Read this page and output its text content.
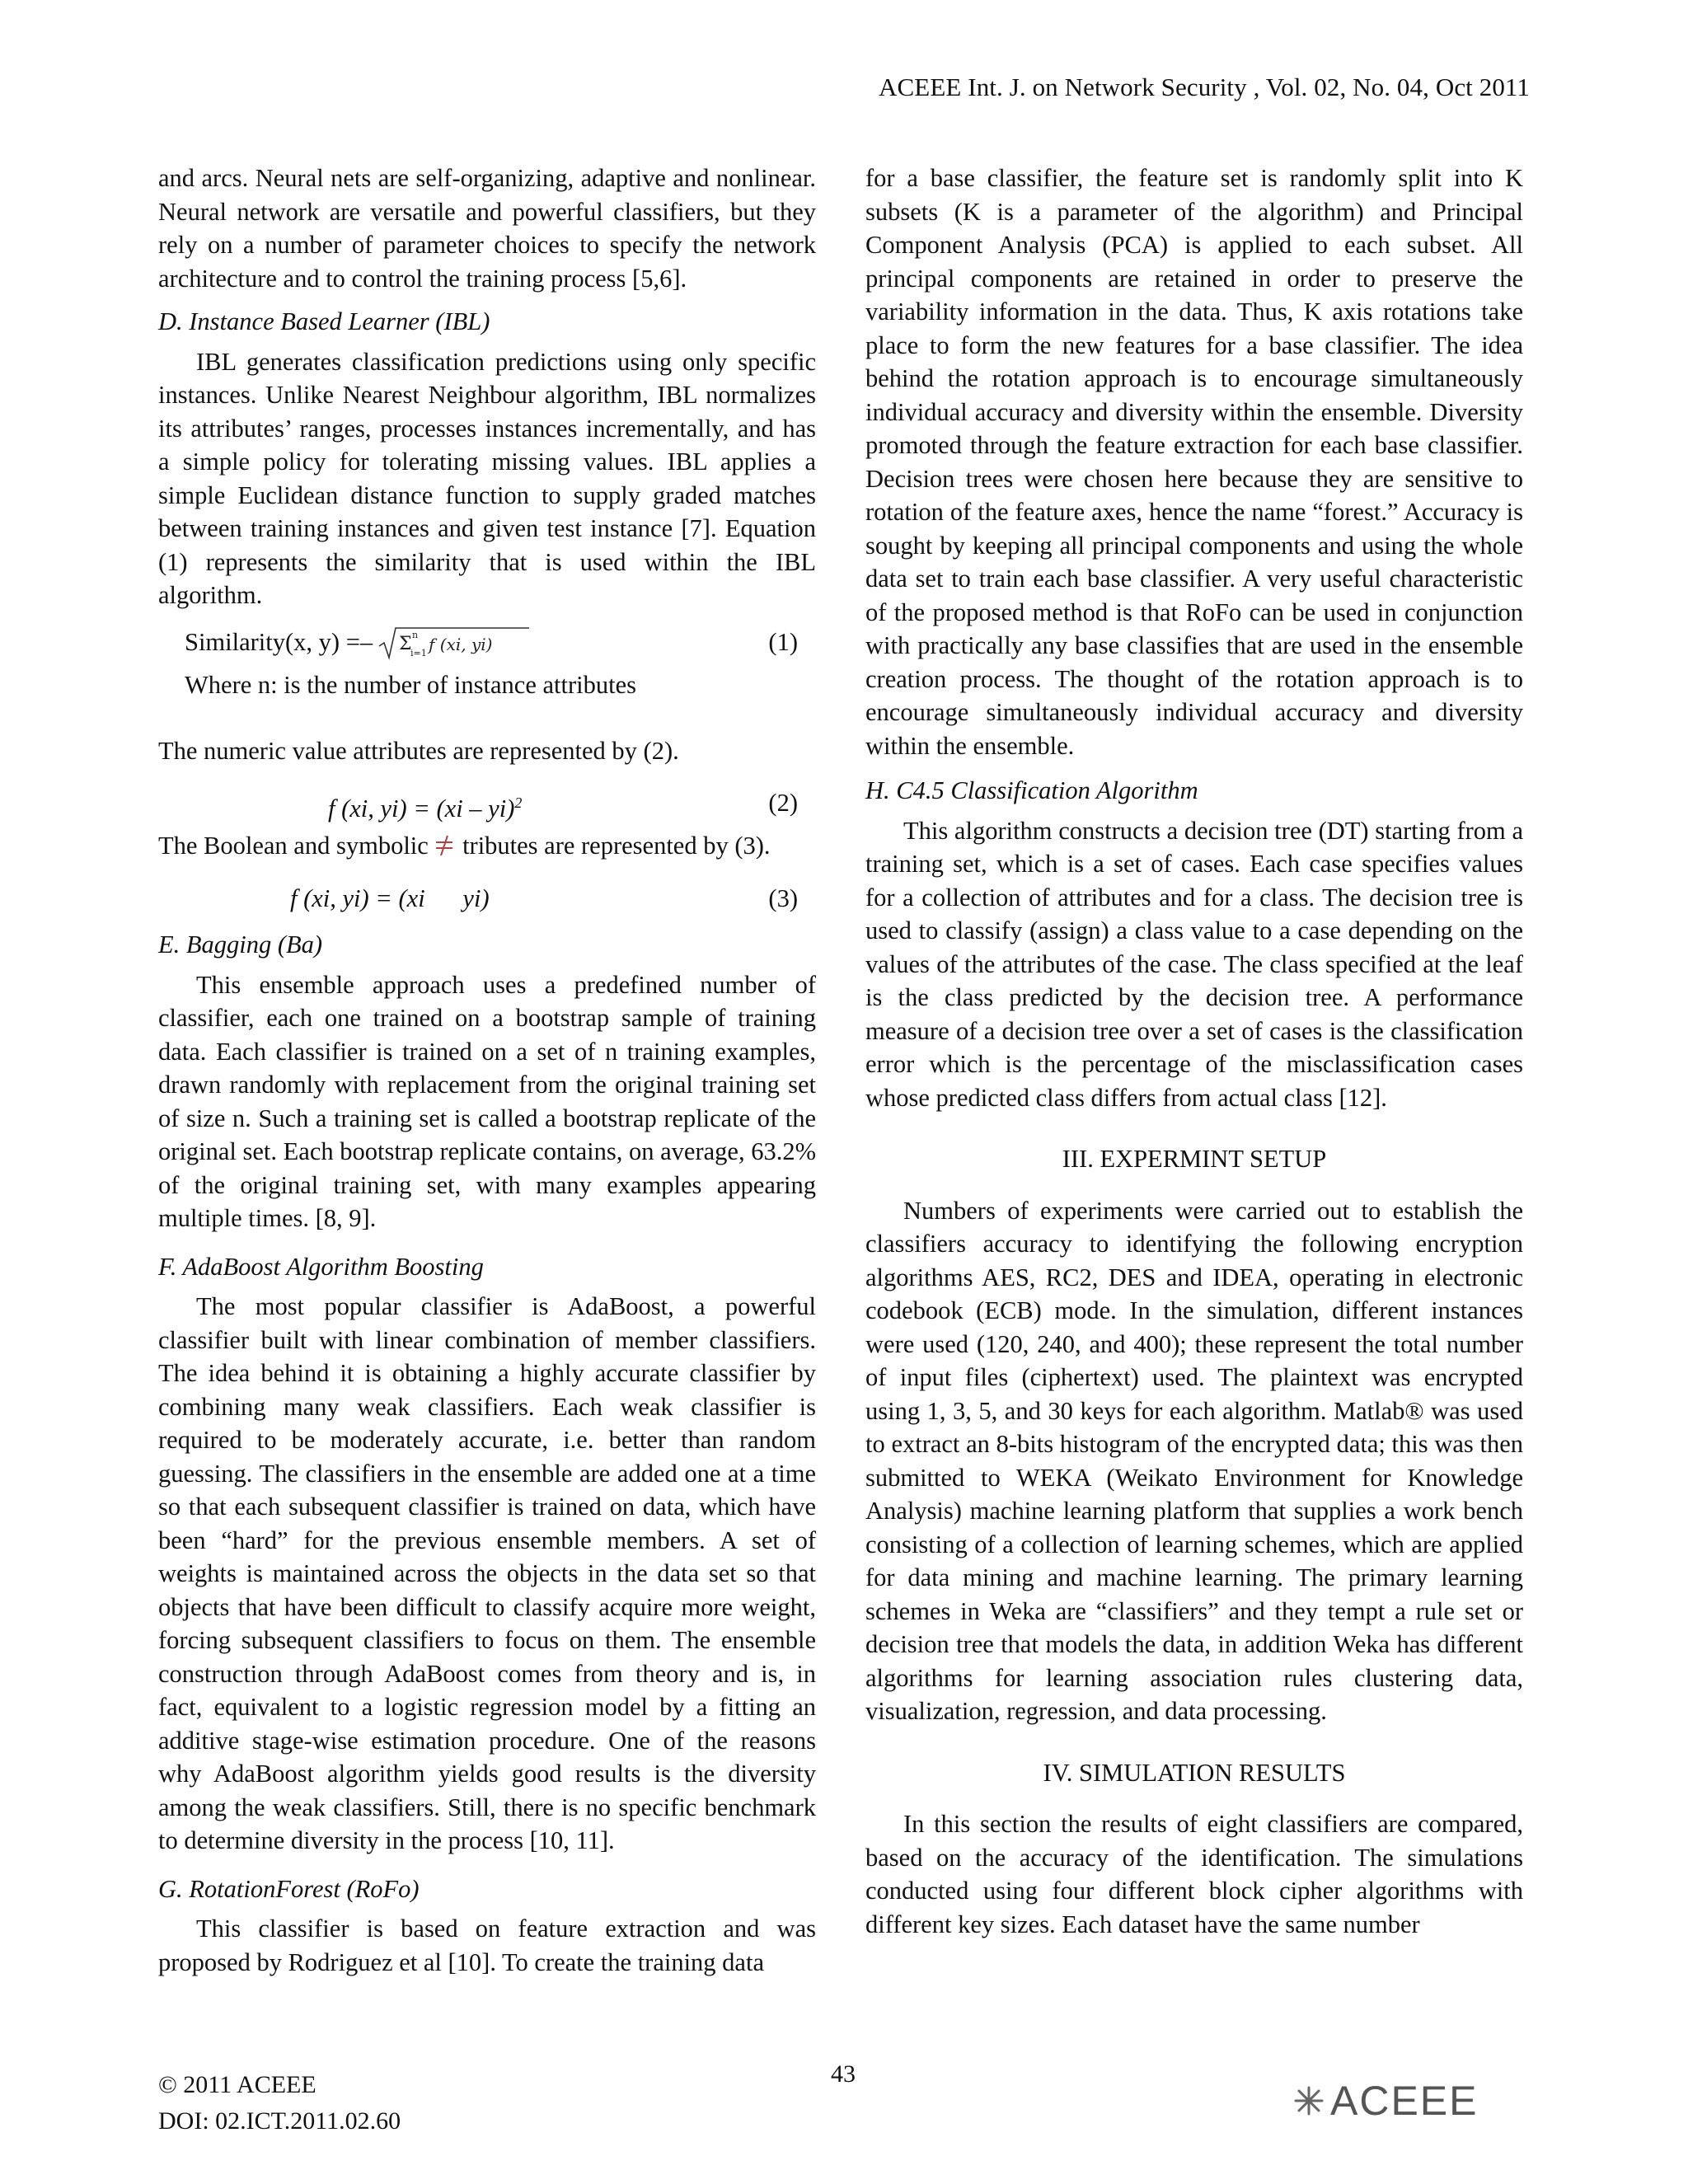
ACEEE Int. J. on Network Security , Vol. 02, No. 04, Oct 2011

and arcs. Neural nets are self-organizing, adaptive and nonlinear. Neural network are versatile and powerful classifiers, but they rely on a number of parameter choices to specify the network architecture and to control the training process [5,6].

D. Instance Based Learner (IBL)

IBL generates classification predictions using only specific instances. Unlike Nearest Neighbour algorithm, IBL normalizes its attributes’ ranges, processes instances incrementally, and has a simple policy for tolerating missing values. IBL applies a simple Euclidean distance function to supply graded matches between training instances and given test instance [7]. Equation (1) represents the similarity that is used within the IBL algorithm.

Similarity(x, y) =– Σ n
i=1 f (xi, yi)	(1)

Where n: is the number of instance attributes

The numeric value attributes are represented by (2).

f (xi, yi) = (xi – yi)$^2$	(2)

The Boolean and symbolic tributes are represented by (3).

f (xi, yi) = (xi      yi)	(3)

E. Bagging (Ba)

This ensemble approach uses a predefined number of classifier, each one trained on a bootstrap sample of training data. Each classifier is trained on a set of n training examples, drawn randomly with replacement from the original training set of size n. Such a training set is called a bootstrap replicate of the original set. Each bootstrap replicate contains, on average, 63.2% of the original training set, with many examples appearing multiple times. [8, 9].

F. AdaBoost Algorithm Boosting

The most popular classifier is AdaBoost, a powerful classifier built with linear combination of member classifiers. The idea behind it is obtaining a highly accurate classifier by combining many weak classifiers. Each weak classifier is required to be moderately accurate, i.e. better than random guessing. The classifiers in the ensemble are added one at a time so that each subsequent classifier is trained on data, which have been “hard” for the previous ensemble members. A set of weights is maintained across the objects in the data set so that objects that have been difficult to classify acquire more weight, forcing subsequent classifiers to focus on them. The ensemble construction through AdaBoost comes from theory and is, in fact, equivalent to a logistic regression model by a fitting an additive stage-wise estimation procedure. One of the reasons why AdaBoost algorithm yields good results is the diversity among the weak classifiers. Still, there is no specific benchmark to determine diversity in the process [10, 11].

G. RotationForest (RoFo)

This classifier is based on feature extraction and was proposed by Rodriguez et al [10]. To create the training data

for a base classifier, the feature set is randomly split into K subsets (K is a parameter of the algorithm) and Principal Component Analysis (PCA) is applied to each subset. All principal components are retained in order to preserve the variability information in the data. Thus, K axis rotations take place to form the new features for a base classifier. The idea behind the rotation approach is to encourage simultaneously individual accuracy and diversity within the ensemble. Diversity promoted through the feature extraction for each base classifier. Decision trees were chosen here because they are sensitive to rotation of the feature axes, hence the name “forest.” Accuracy is sought by keeping all principal components and using the whole data set to train each base classifier. A very useful characteristic of the proposed method is that RoFo can be used in conjunction with practically any base classifies that are used in the ensemble creation process. The thought of the rotation approach is to encourage simultaneously individual accuracy and diversity within the ensemble.

H. C4.5 Classification Algorithm

This algorithm constructs a decision tree (DT) starting from a training set, which is a set of cases. Each case specifies values for a collection of attributes and for a class. The decision tree is used to classify (assign) a class value to a case depending on the values of the attributes of the case. The class specified at the leaf is the class predicted by the decision tree. A performance measure of a decision tree over a set of cases is the classification error which is the percentage of the misclassification cases whose predicted class differs from actual class [12].

III. EXPERMINT SETUP

Numbers of experiments were carried out to establish the classifiers accuracy to identifying the following encryption algorithms AES, RC2, DES and IDEA, operating in electronic codebook (ECB) mode. In the simulation, different instances were used (120, 240, and 400); these represent the total number of input files (ciphertext) used. The plaintext was encrypted using 1, 3, 5, and 30 keys for each algorithm. Matlab® was used to extract an 8-bits histogram of the encrypted data; this was then submitted to WEKA (Weikato Environment for Knowledge Analysis) machine learning platform that supplies a work bench consisting of a collection of learning schemes, which are applied for data mining and machine learning. The primary learning schemes in Weka are “classifiers” and they tempt a rule set or decision tree that models the data, in addition Weka has different algorithms for learning association rules clustering data, visualization, regression, and data processing.

IV. SIMULATION RESULTS

In this section the results of eight classifiers are compared, based on the accuracy of the identification. The simulations conducted using four different block cipher algorithms with different key sizes. Each dataset have the same number

© 2011 ACEEE
DOI: 02.ICT.2011.02.60
43
ACEEE
